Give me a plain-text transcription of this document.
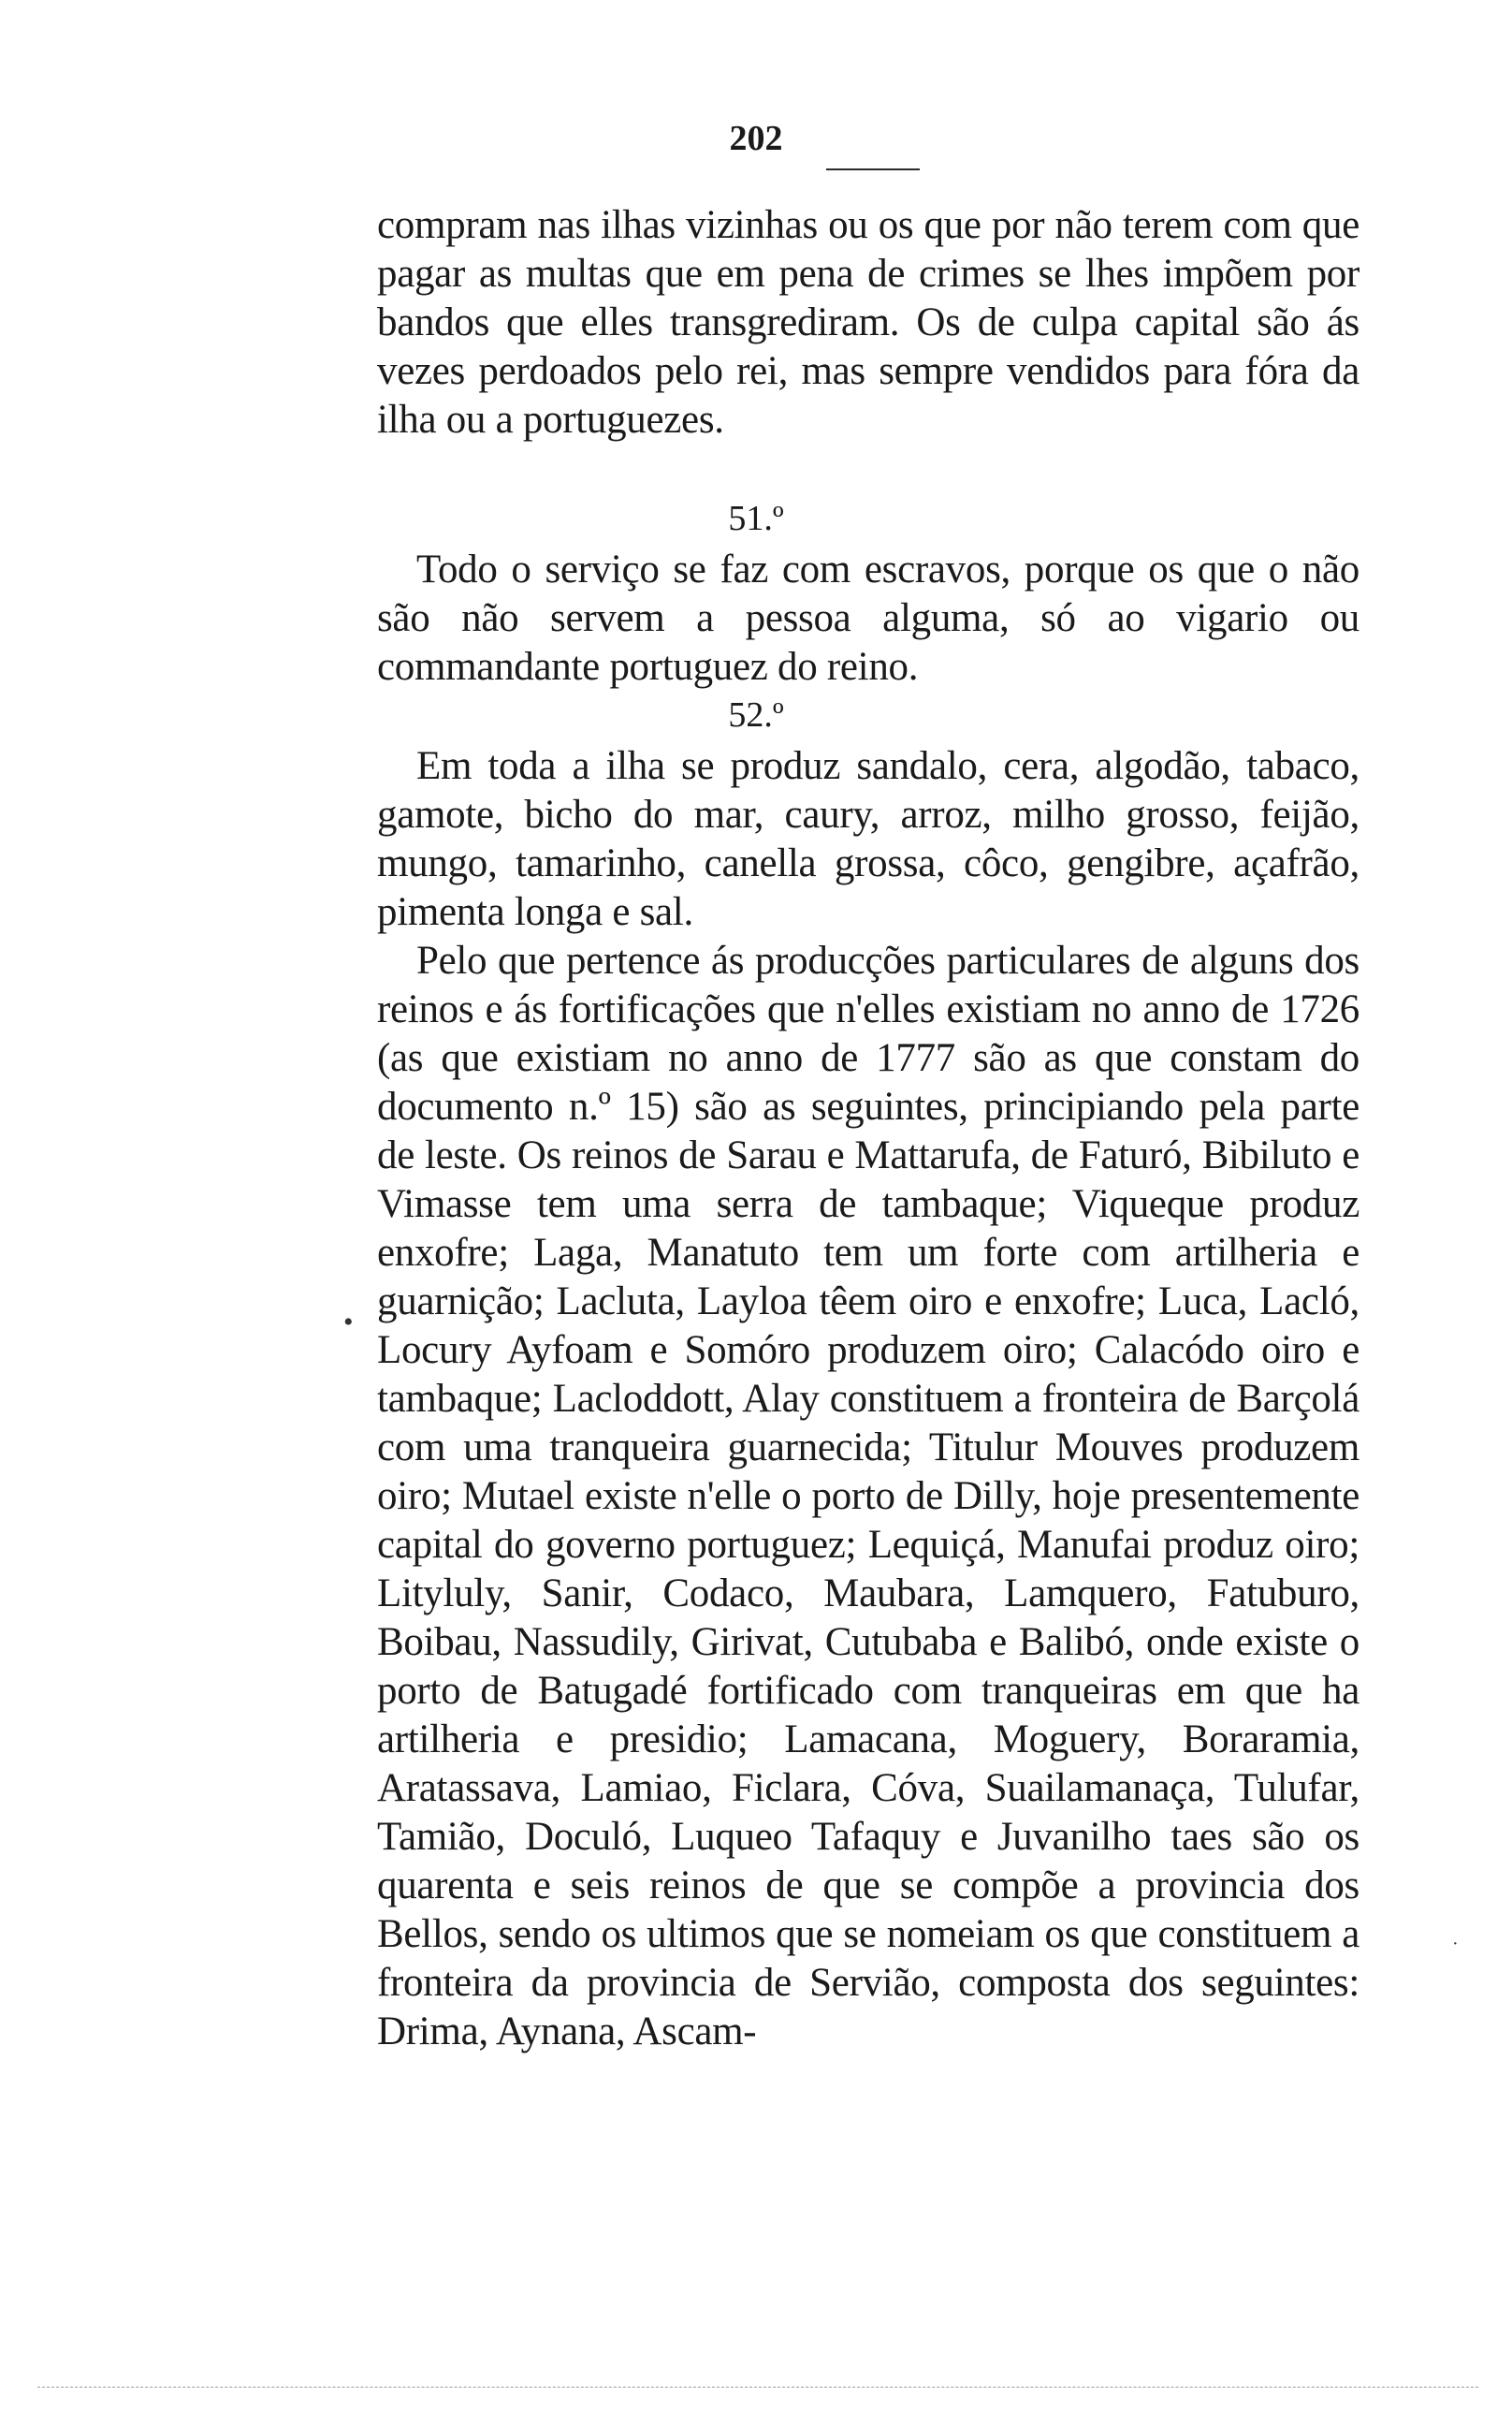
202

compram nas ilhas vizinhas ou os que por não terem com que pagar as multas que em pena de crimes se lhes impõem por bandos que elles transgrediram. Os de culpa capital são ás vezes perdoados pelo rei, mas sempre vendidos para fóra da ilha ou a portuguezes.

51.º

Todo o serviço se faz com escravos, porque os que o não são não servem a pessoa alguma, só ao vigario ou commandante portuguez do reino.

52.º

Em toda a ilha se produz sandalo, cera, algodão, tabaco, gamote, bicho do mar, caury, arroz, milho grosso, feijão, mungo, tamarinho, canella grossa, côco, gengibre, açafrão, pimenta longa e sal.

Pelo que pertence ás producções particulares de alguns dos reinos e ás fortificações que n'elles existiam no anno de 1726 (as que existiam no anno de 1777 são as que constam do documento n.º 15) são as seguintes, principiando pela parte de leste. Os reinos de Sarau e Mattarufa, de Faturó, Bibiluto e Vimasse tem uma serra de tambaque; Viqueque produz enxofre; Laga, Manatuto tem um forte com artilheria e guarnição; Lacluta, Layloa têem oiro e enxofre; Luca, Lacló, Locury Ayfoam e Somóro produzem oiro; Calacódo oiro e tambaque; Lacloddott, Alay constituem a fronteira de Barçolá com uma tranqueira guarnecida; Titulur Mouves produzem oiro; Mutael existe n'elle o porto de Dilly, hoje presentemente capital do governo portuguez; Lequiçá, Manufai produz oiro; Lityluly, Sanir, Codaco, Maubara, Lamquero, Fatuburo, Boibau, Nassudily, Girivat, Cutubaba e Balibó, onde existe o porto de Batugadé fortificado com tranqueiras em que ha artilheria e presidio; Lamacana, Moguery, Boraramia, Aratassava, Lamiao, Ficlara, Cóva, Suailamanaça, Tulufar, Tamião, Doculó, Luqueo Tafaquy e Juvanilho taes são os quarenta e seis reinos de que se compõe a provincia dos Bellos, sendo os ultimos que se nomeiam os que constituem a fronteira da provincia de Servião, composta dos seguintes: Drima, Aynana, Ascam-

•
·
